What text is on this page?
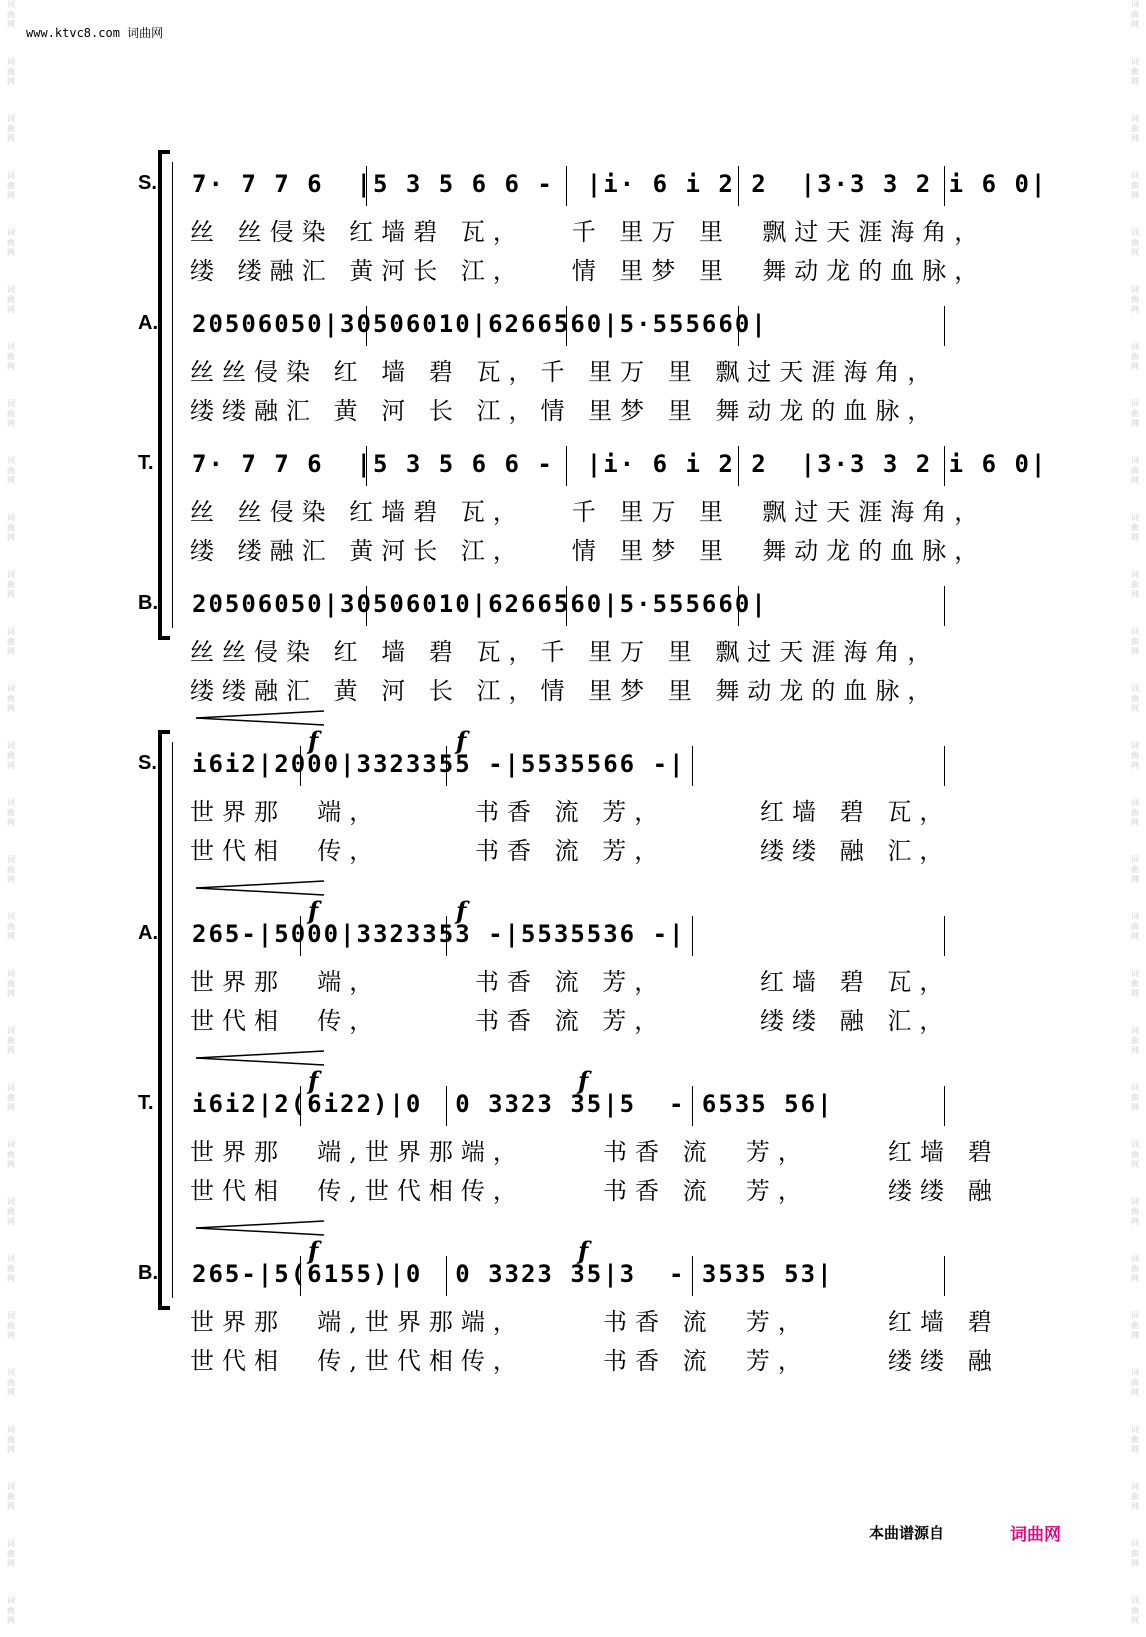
词
曲
网
词
曲
网
词
曲
网
词
曲
网
词
曲
网
词
曲
网
词
曲
网
词
曲
网
词
曲
网
词
曲
网
词
曲
网
词
曲
网
词
曲
网
词
曲
网
词
曲
网
词
曲
网
词
曲
网
词
曲
网
词
曲
网
词
曲
网
词
曲
网
词
曲
网
词
曲
网
词
曲
网
词
曲
网
词
曲
网
词
曲
网
词
曲
网
词
曲
网
词
曲
网
词
曲
网
词
曲
网
词
曲
网
词
曲
网
词
曲
网
词
曲
网
词
曲
网
词
曲
网
词
曲
网
词
曲
网
词
曲
网
词
曲
网
词
曲
网
词
曲
网
词
曲
网
词
曲
网
词
曲
网
词
曲
网
词
曲
网
词
曲
网
词
曲
网
词
曲
网
词
曲
网
词
曲
网
词
曲
网
词
曲
网
词
曲
网
词
曲
网
www.ktvc8.com 词曲网
S. 7· 7 7 6  |5 3 5 6 6 -  |i· 6 i 2 2  |3·3 3 2 i 6 0|
丝 丝侵染 红墙碧 瓦，   千 里万 里  飘过天涯海角，
缕 缕融汇 黄河长 江，   情 里梦 里  舞动龙的血脉，
A. 20506050|30506010|6266560|5·555660|
丝丝侵染 红 墙 碧 瓦，千 里万 里 飘过天涯海角，
缕缕融汇 黄 河 长 江，情 里梦 里 舞动龙的血脉，
T. 7· 7 7 6  |5 3 5 6 6 -  |i· 6 i 2 2  |3·3 3 2 i 6 0|
丝 丝侵染 红墙碧 瓦，   千 里万 里  飘过天涯海角，
缕 缕融汇 黄河长 江，   情 里梦 里  舞动龙的血脉，
B. 20506050|30506010|6266560|5·555660|
丝丝侵染 红 墙 碧 瓦，千 里万 里 飘过天涯海角，
缕缕融汇 黄 河 长 江，情 里梦 里 舞动龙的血脉，
S.
f	f
i6i2|2000|3323355 -|5535566 -|
世界那  端，      书香 流 芳，      红墙 碧 瓦，
世代相  传，      书香 流 芳，      缕缕 融 汇，
A.
f	f
265-|5000|3323353 -|5535536 -|
世界那  端，      书香 流 芳，      红墙 碧 瓦，
世代相  传，      书香 流 芳，      缕缕 融 汇，
T.
f	f
i6i2|2(6i22)|0  0 3323 35|5  - 6535 56|
世界那  端,世界那端，     书香 流  芳，     红墙 碧
世代相  传,世代相传，     书香 流  芳，     缕缕 融
B.
f	f
265-|5(6155)|0  0 3323 35|3  - 3535 53|
世界那  端,世界那端，     书香 流  芳，     红墙 碧
世代相  传,世代相传，     书香 流  芳，     缕缕 融
本曲谱源自	词曲网
